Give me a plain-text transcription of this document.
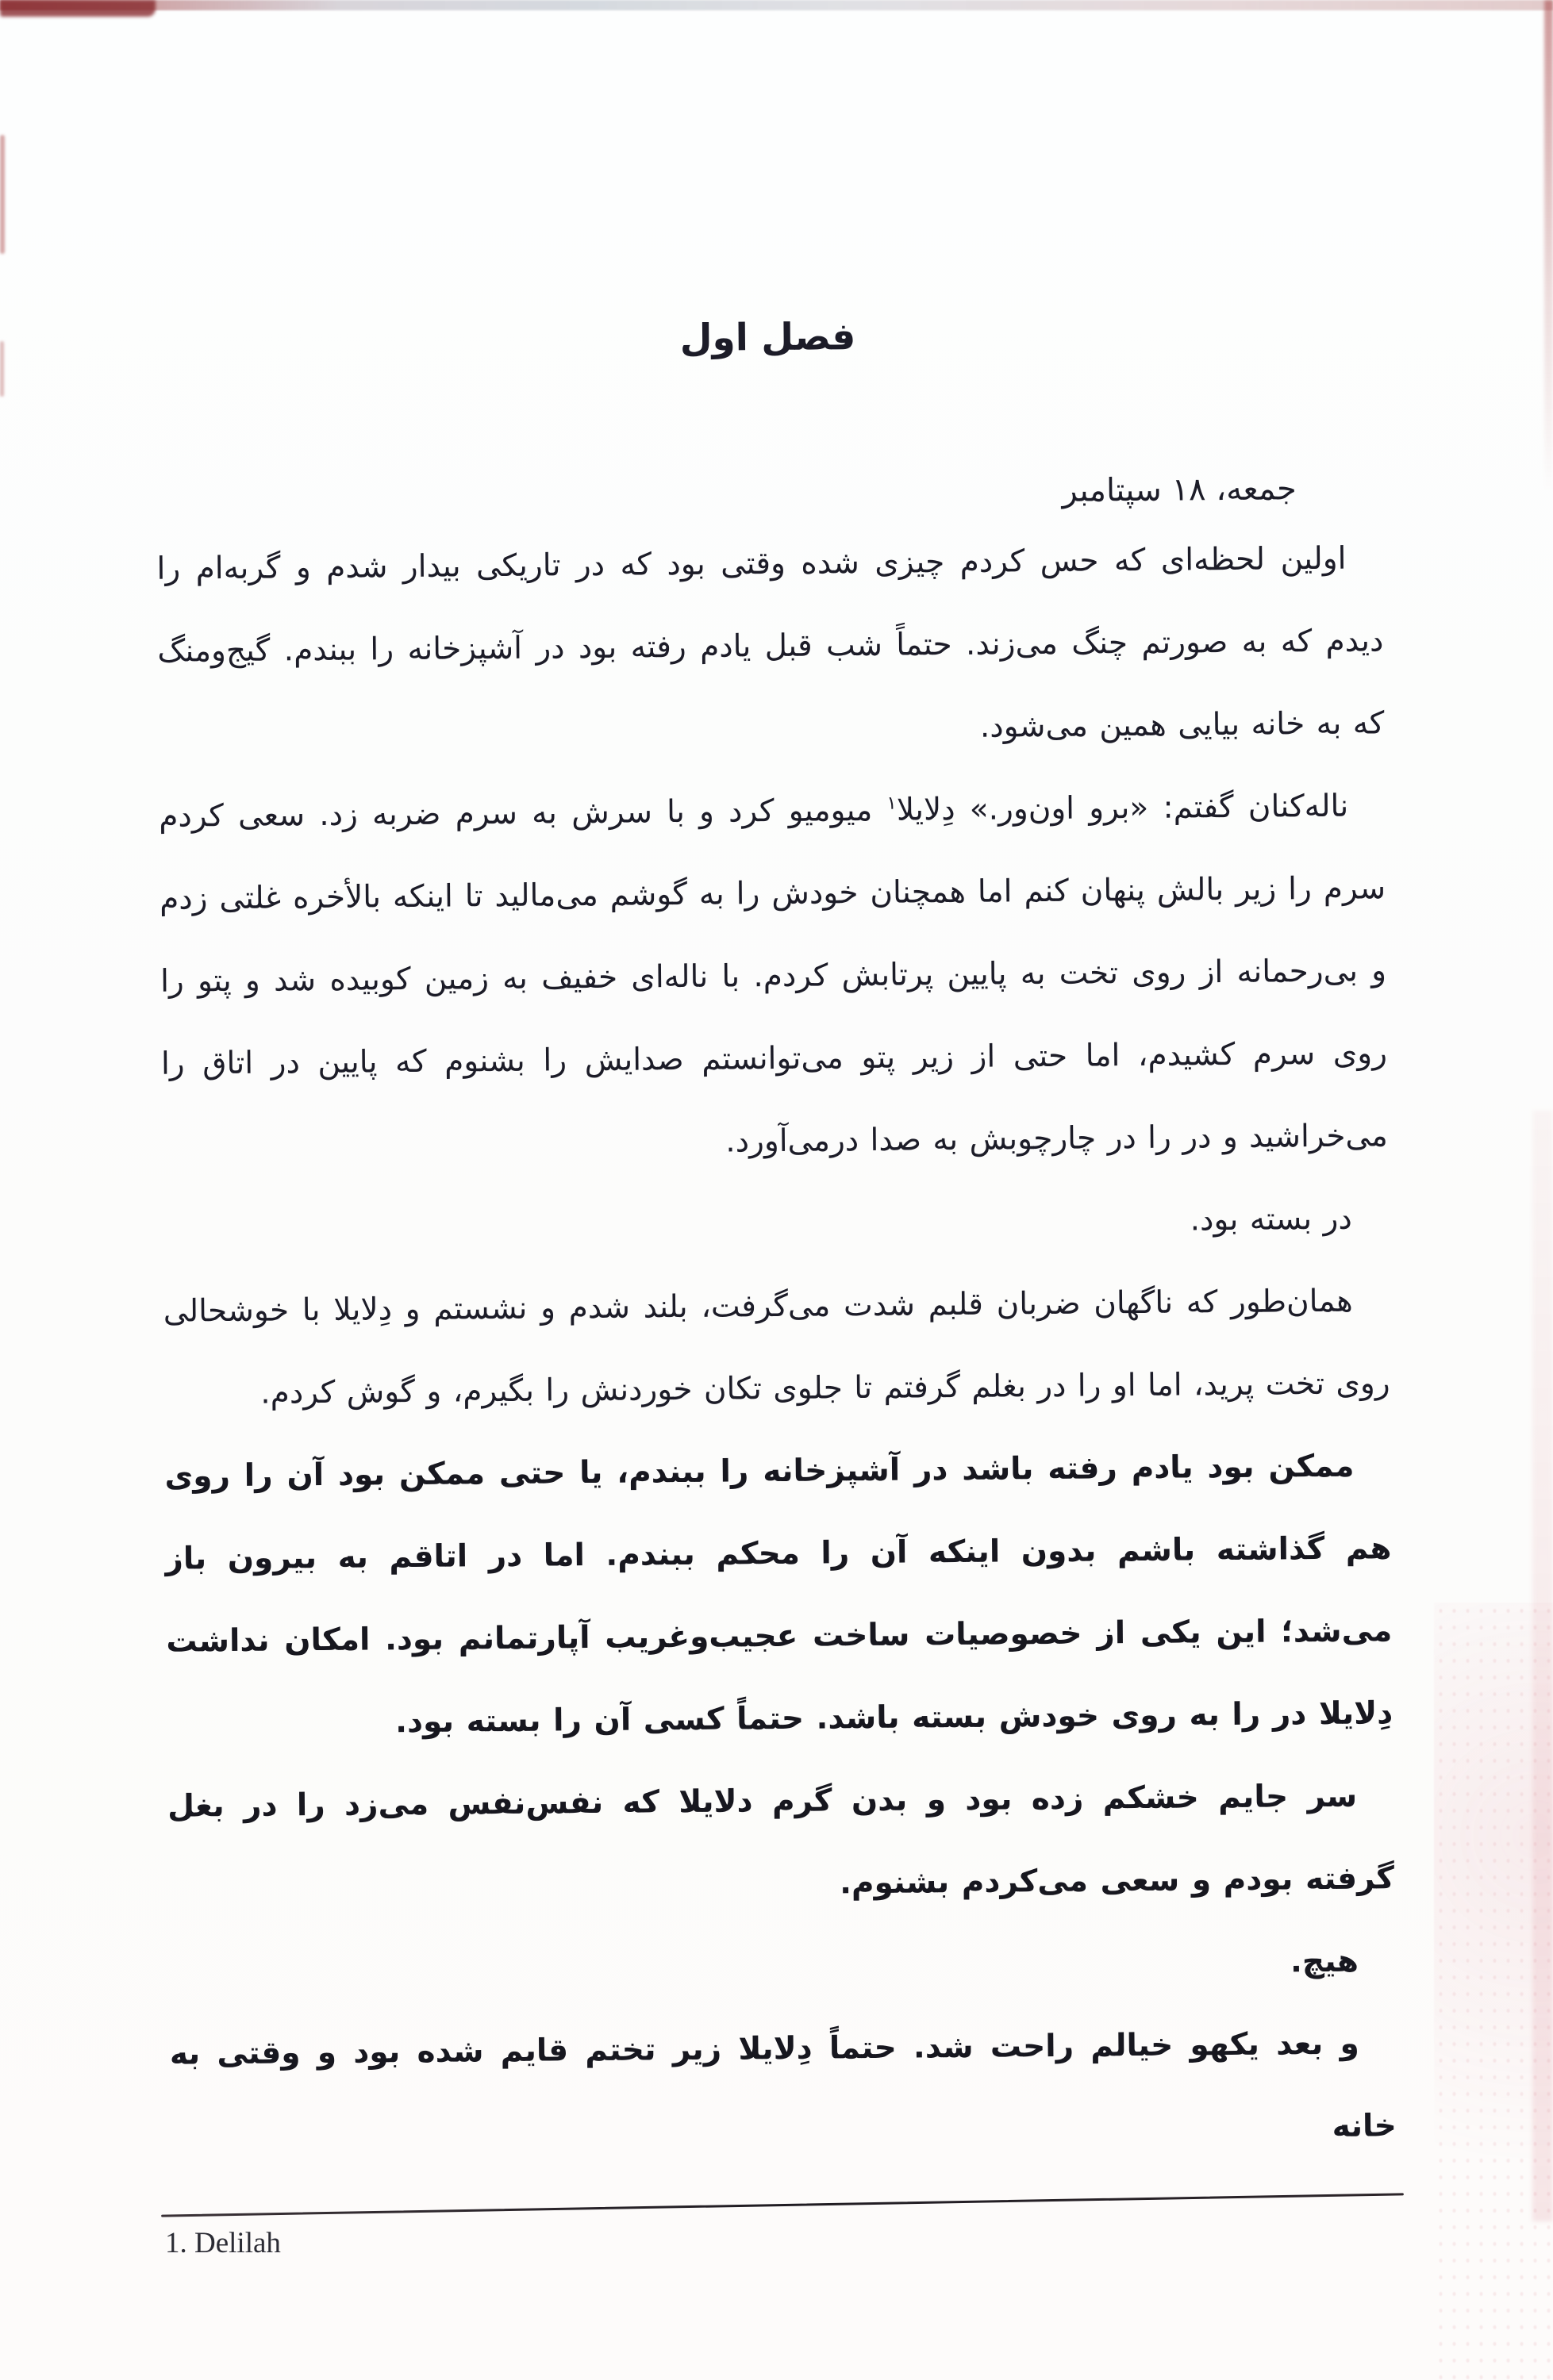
فصل اول

جمعه، ۱۸ سپتامبر

اولین لحظه‌ای که حس کردم چیزی شده وقتی بود که در تاریکی بیدار شدم و گربه‌ام را دیدم که به صورتم چنگ می‌زند. حتماً شب قبل یادم رفته بود در آشپزخانه را ببندم. گیج‌ومنگ که به خانه بیایی همین می‌شود.

ناله‌کنان گفتم: «برو اون‌ور.» دِلایلا$^۱$ میومیو کرد و با سرش به سرم ضربه زد. سعی کردم سرم را زیر بالش پنهان کنم اما همچنان خودش را به گوشم می‌مالید تا اینکه بالأخره غلتی زدم و بی‌رحمانه از روی تخت به پایین پرتابش کردم. با ناله‌ای خفیف به زمین کوبیده شد و پتو را روی سرم کشیدم، اما حتی از زیر پتو می‌توانستم صدایش را بشنوم که پایین در اتاق را می‌خراشید و در را در چارچوبش به صدا درمی‌آورد.

در بسته بود.

همان‌طور که ناگهان ضربان قلبم شدت می‌گرفت، بلند شدم و نشستم و دِلایلا با خوشحالی روی تخت پرید، اما او را در بغلم گرفتم تا جلوی تکان خوردنش را بگیرم، و گوش کردم.

ممکن بود یادم رفته باشد در آشپزخانه را ببندم، یا حتی ممکن بود آن را روی هم گذاشته باشم بدون اینکه آن را محکم ببندم. اما در اتاقم به بیرون باز می‌شد؛ این یکی از خصوصیات ساخت عجیب‌وغریب آپارتمانم بود. امکان نداشت دِلایلا در را به روی خودش بسته باشد. حتماً کسی آن را بسته بود.

سر جایم خشکم زده بود و بدن گرم دلایلا که نفس‌نفس می‌زد را در بغل گرفته بودم و سعی می‌کردم بشنوم.

هیچ.

و بعد یکهو خیالم راحت شد. حتماً دِلایلا زیر تختم قایم شده بود و وقتی به خانه

1. Delilah
